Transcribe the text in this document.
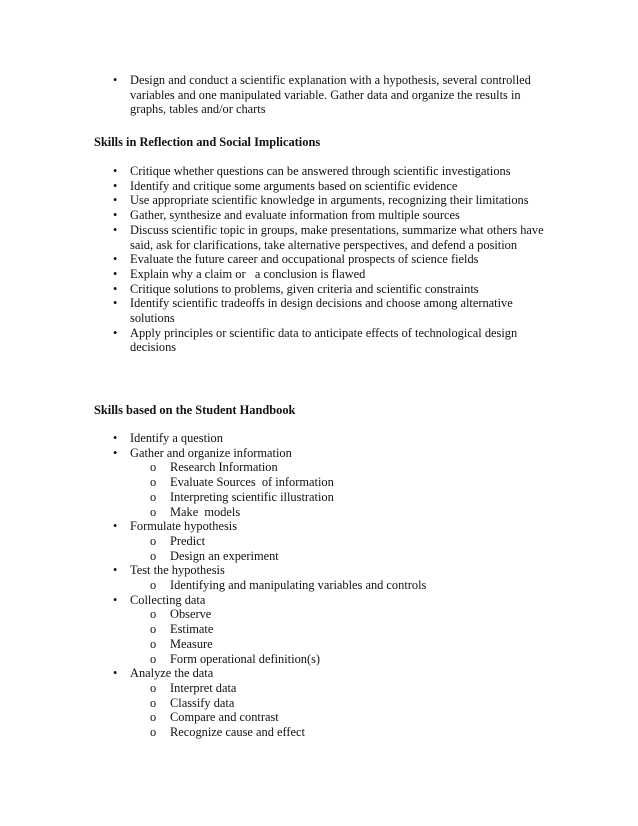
•	Design and conduct a scientific explanation with a hypothesis, several controlled variables and one manipulated variable. Gather data and organize the results in graphs, tables and/or charts
Skills in Reflection and Social Implications
•	Critique whether questions can be answered through scientific investigations
•	Identify and critique some arguments based on scientific evidence
•	Use appropriate scientific knowledge in arguments, recognizing their limitations
•	Gather, synthesize and evaluate information from multiple sources
•	Discuss scientific topic in groups, make presentations, summarize what others have said, ask for clarifications, take alternative perspectives, and defend a position
•	Evaluate the future career and occupational prospects of science fields
•	Explain why a claim or   a conclusion is flawed
•	Critique solutions to problems, given criteria and scientific constraints
•	Identify scientific tradeoffs in design decisions and choose among alternative solutions
•	Apply principles or scientific data to anticipate effects of technological design decisions
Skills based on the Student Handbook
•	Identify a question
•	Gather and organize information
o	Research Information
o	Evaluate Sources  of information
o	Interpreting scientific illustration
o	Make  models
•	Formulate hypothesis
o	Predict
o	Design an experiment
•	Test the hypothesis
o	Identifying and manipulating variables and controls
•	Collecting data
o	Observe
o	Estimate
o	Measure
o	Form operational definition(s)
•	Analyze the data
o	Interpret data
o	Classify data
o	Compare and contrast
o	Recognize cause and effect
